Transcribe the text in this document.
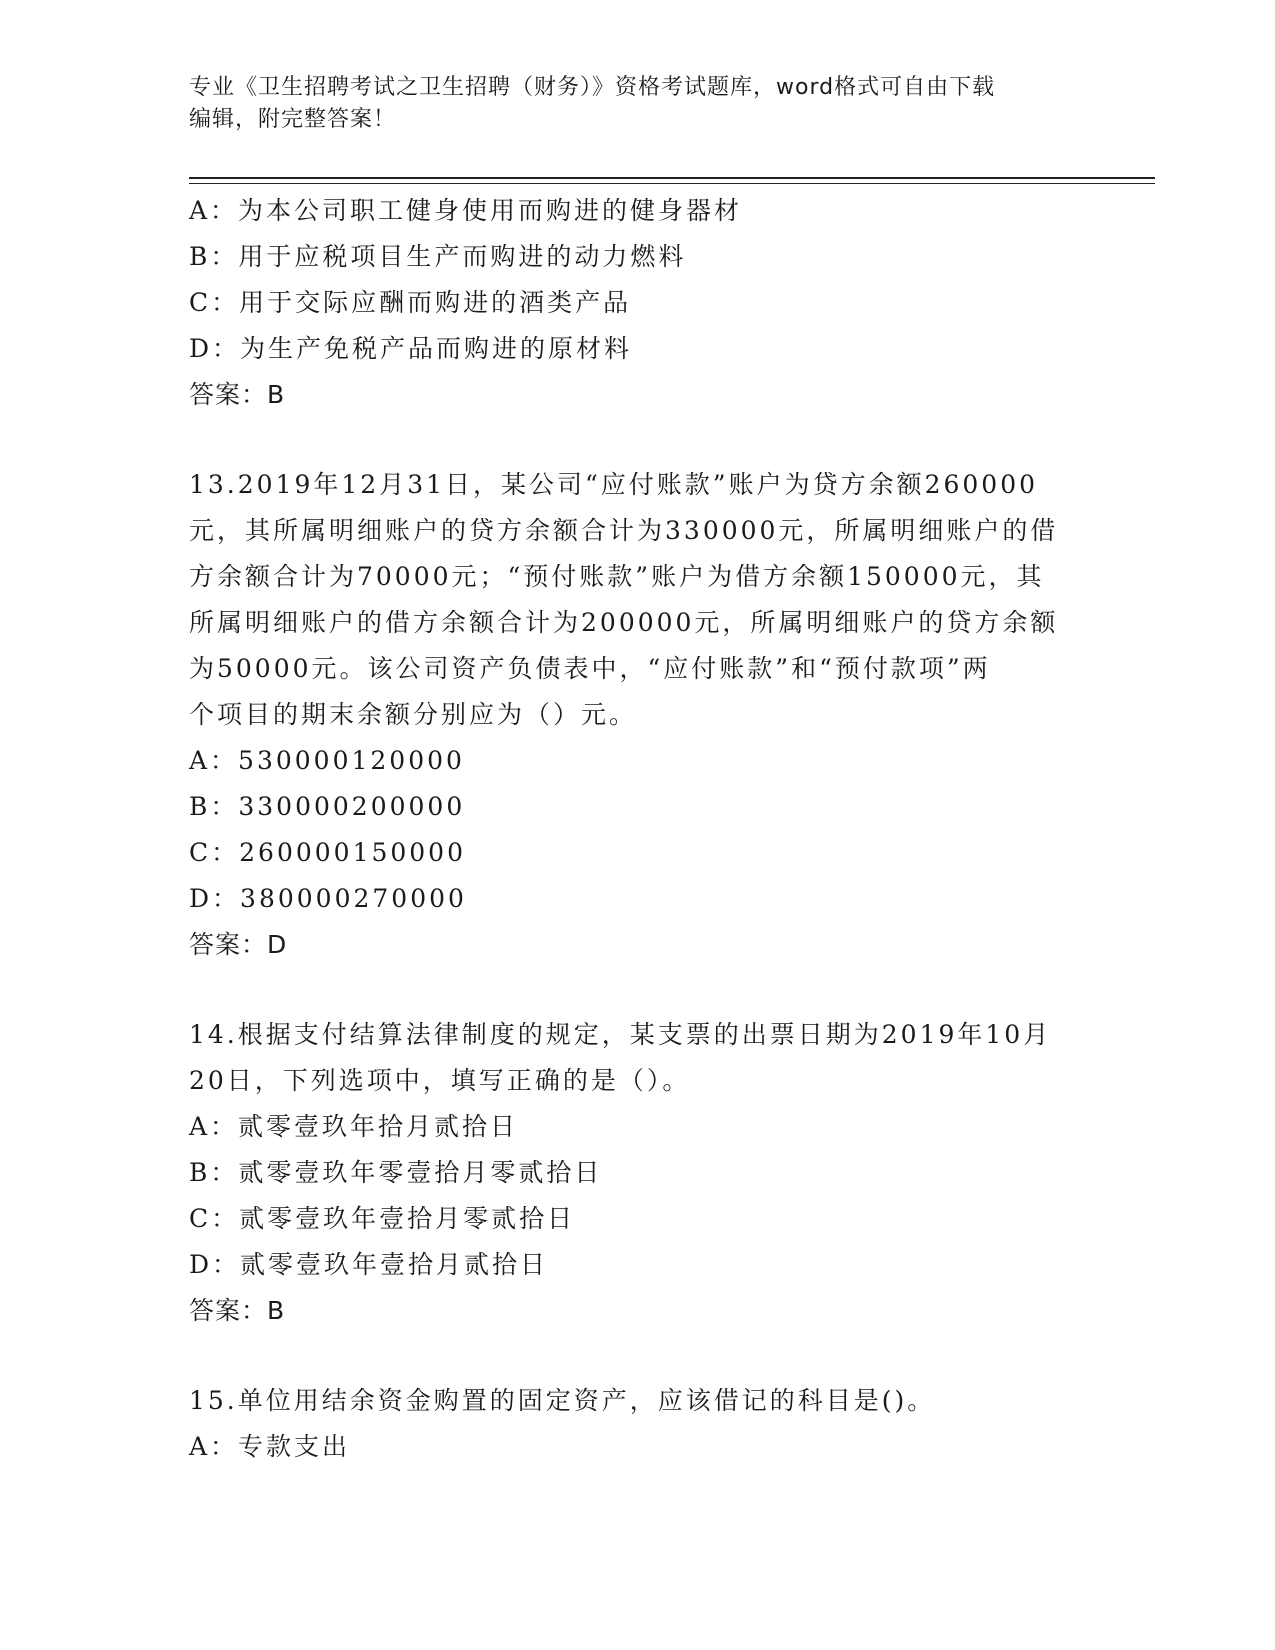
专业《卫生招聘考试之卫生招聘（财务）》资格考试题库，word格式可自由下载
编辑，附完整答案！
A：为本公司职工健身使用而购进的健身器材
B：用于应税项目生产而购进的动力燃料
C：用于交际应酬而购进的酒类产品
D：为生产免税产品而购进的原材料
答案：B
13.2019年12月31日，某公司“应付账款”账户为贷方余额260000
元，其所属明细账户的贷方余额合计为330000元，所属明细账户的借
方余额合计为70000元；“预付账款”账户为借方余额150000元，其
所属明细账户的借方余额合计为200000元，所属明细账户的贷方余额
为50000元。该公司资产负债表中，“应付账款”和“预付款项”两
个项目的期末余额分别应为（）元。
A：530000120000
B：330000200000
C：260000150000
D：380000270000
答案：D
14.根据支付结算法律制度的规定，某支票的出票日期为2019年10月
20日，下列选项中，填写正确的是（）。
A：贰零壹玖年拾月贰拾日
B：贰零壹玖年零壹拾月零贰拾日
C：贰零壹玖年壹拾月零贰拾日
D：贰零壹玖年壹拾月贰拾日
答案：B
15.单位用结余资金购置的固定资产，应该借记的科目是()。
A：专款支出
